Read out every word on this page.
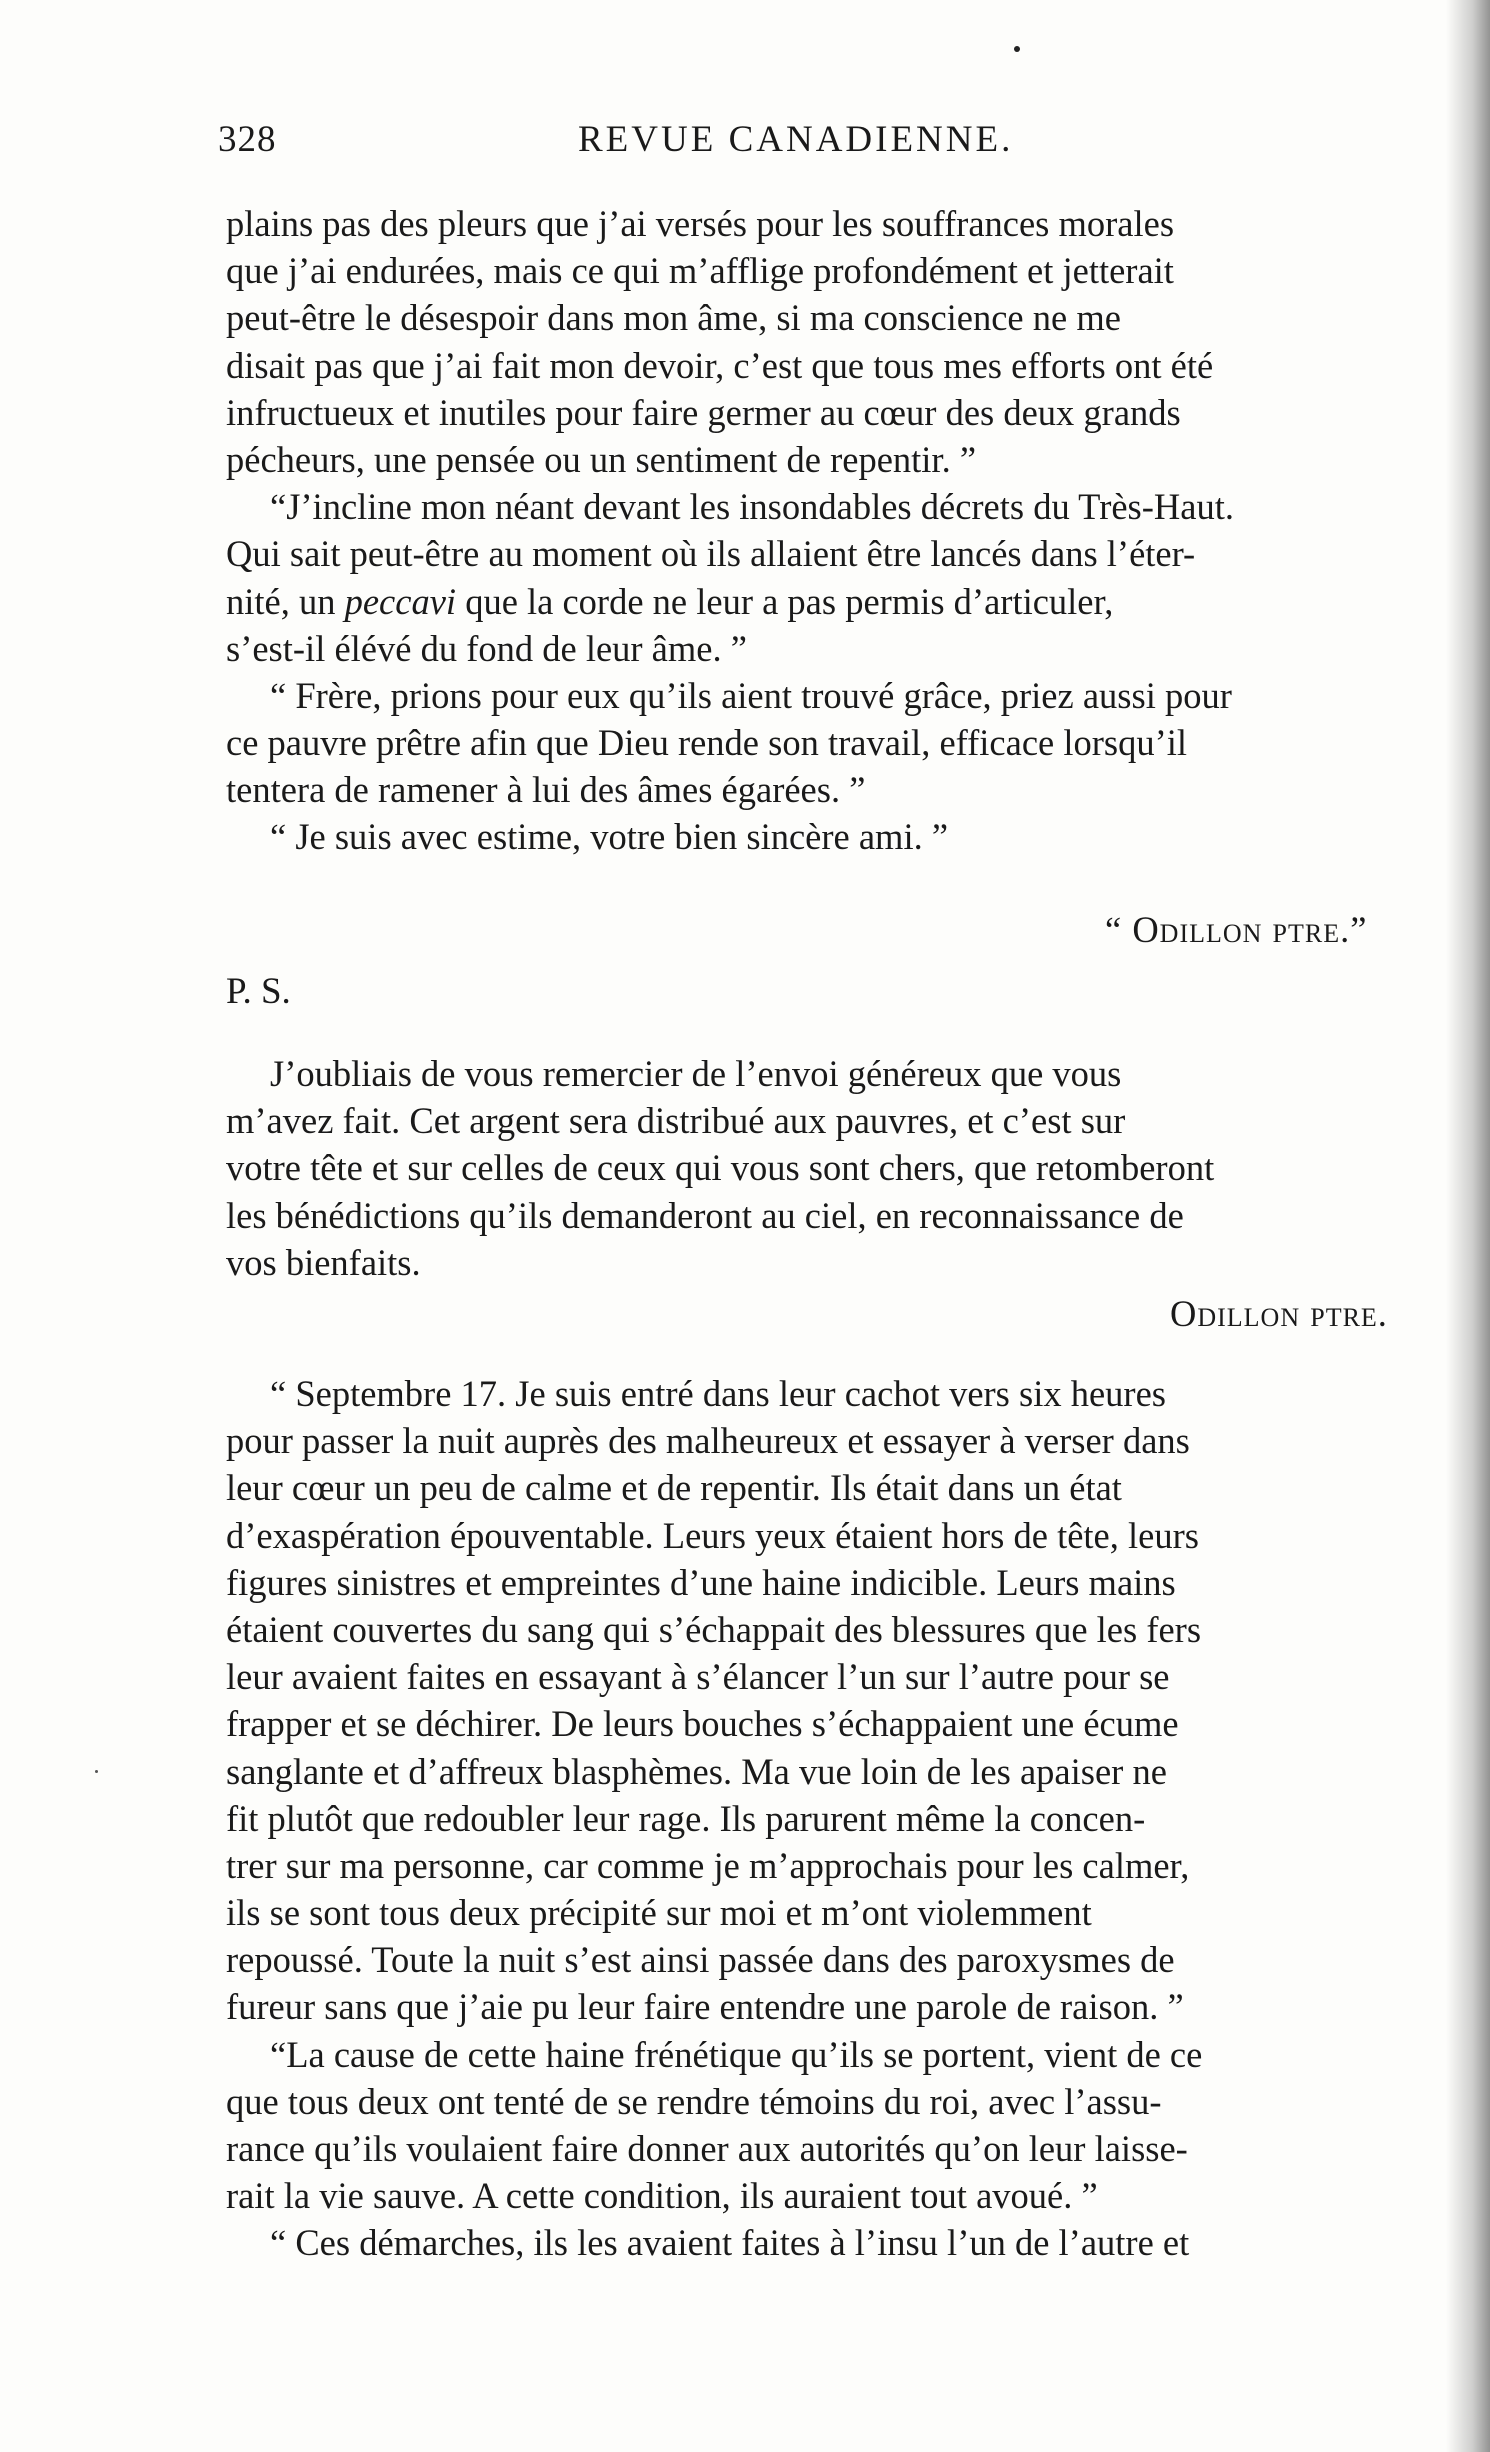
328	REVUE CANADIENNE.
plains pas des pleurs que j’ai versés pour les souffrances morales
que j’ai endurées, mais ce qui m’afflige profondément et jetterait
peut-être le désespoir dans mon âme, si ma conscience ne me
disait pas que j’ai fait mon devoir, c’est que tous mes efforts ont été
infructueux et inutiles pour faire germer au cœur des deux grands
pécheurs, une pensée ou un sentiment de repentir. ”
“J’incline mon néant devant les insondables décrets du Très-Haut.
Qui sait peut-être au moment où ils allaient être lancés dans l’éter-
nité, un peccavi que la corde ne leur a pas permis d’articuler,
s’est-il élévé du fond de leur âme. ”
“ Frère, prions pour eux qu’ils aient trouvé grâce, priez aussi pour
ce pauvre prêtre afin que Dieu rende son travail, efficace lorsqu’il
tentera de ramener à lui des âmes égarées. ”
“ Je suis avec estime, votre bien sincère ami. ”
“ Odillon ptre.”
P. S.
J’oubliais de vous remercier de l’envoi généreux que vous
m’avez fait. Cet argent sera distribué aux pauvres, et c’est sur
votre tête et sur celles de ceux qui vous sont chers, que retomberont
les bénédictions qu’ils demanderont au ciel, en reconnaissance de
vos bienfaits.
Odillon ptre.
“ Septembre 17. Je suis entré dans leur cachot vers six heures
pour passer la nuit auprès des malheureux et essayer à verser dans
leur cœur un peu de calme et de repentir. Ils était dans un état
d’exaspération épouventable. Leurs yeux étaient hors de tête, leurs
figures sinistres et empreintes d’une haine indicible. Leurs mains
étaient couvertes du sang qui s’échappait des blessures que les fers
leur avaient faites en essayant à s’élancer l’un sur l’autre pour se
frapper et se déchirer. De leurs bouches s’échappaient une écume
sanglante et d’affreux blasphèmes. Ma vue loin de les apaiser ne
fit plutôt que redoubler leur rage. Ils parurent même la concen-
trer sur ma personne, car comme je m’approchais pour les calmer,
ils se sont tous deux précipité sur moi et m’ont violemment
repoussé. Toute la nuit s’est ainsi passée dans des paroxysmes de
fureur sans que j’aie pu leur faire entendre une parole de raison. ”
“La cause de cette haine frénétique qu’ils se portent, vient de ce
que tous deux ont tenté de se rendre témoins du roi, avec l’assu-
rance qu’ils voulaient faire donner aux autorités qu’on leur laisse-
rait la vie sauve. A cette condition, ils auraient tout avoué. ”
“ Ces démarches, ils les avaient faites à l’insu l’un de l’autre et
